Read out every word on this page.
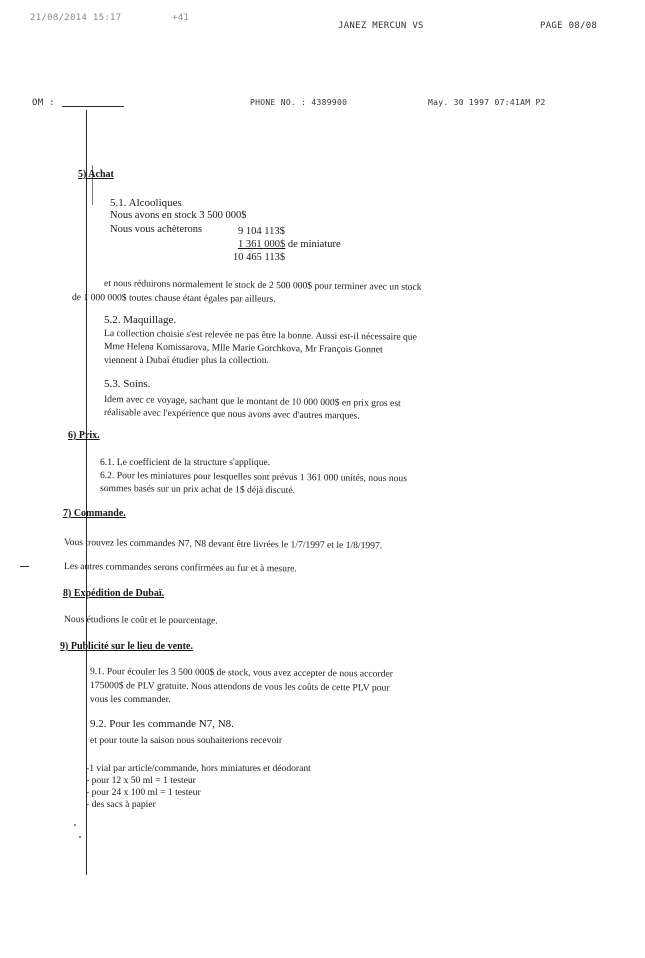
21/08/2014 15:17	+41
JANEZ MERCUN VS	PAGE 08/08
OM :	PHONE NO. : 4389900	May. 30 1997 07:41AM P2
5) Achat
5.1. Alcooliques
Nous avons en stock 3 500 000$
Nous vous achèterons	9 104 113$
1 361 000$ de miniature
10 465 113$
et nous réduirons normalement le stock de 2 500 000$ pour terminer avec un stock
de 1 000 000$ toutes chause étant égales par ailleurs.
5.2. Maquillage.
La collection choisie s'est relevée ne pas être la bonne. Aussi est-il nécessaire que
Mme Helena Komissarova, Mlle Marie Gorchkova, Mr François Gonnet
viennent à Dubaï étudier plus la collection.
5.3. Soins.
Idem avec ce voyage, sachant que le montant de 10 000 000$ en prix gros est
réalisable avec l'expérience que nous avons avec d'autres marques.
6) Prix.
6.1. Le coefficient de la structure s'applique.
6.2. Pour les miniatures pour lesquelles sont prévus 1 361 000 unités, nous nous
sommes basés sur un prix achat de 1$ déjà discuté.
7) Commande.
Vous trouvez les commandes N7, N8 devant être livrées le 1/7/1997 et le 1/8/1997.
Les autres commandes serons confirmées au fur et à mesure.
8) Expédition de Dubaï.
Nous étudions le coût et le pourcentage.
9) Publicité sur le lieu de vente.
9.1. Pour écouler les 3 500 000$ de stock, vous avez accepter de nous accorder
175000$ de PLV gratuite. Nous attendons de vous les coûts de cette PLV pour
vous les commander.
9.2. Pour les commande N7, N8.
et pour toute la saison nous souhaiterions recevoir
-1 vial par article/commande, hors miniatures et déodorant
- pour 12 x 50 ml = 1 testeur
- pour 24 x 100 ml = 1 testeur
- des sacs à papier
